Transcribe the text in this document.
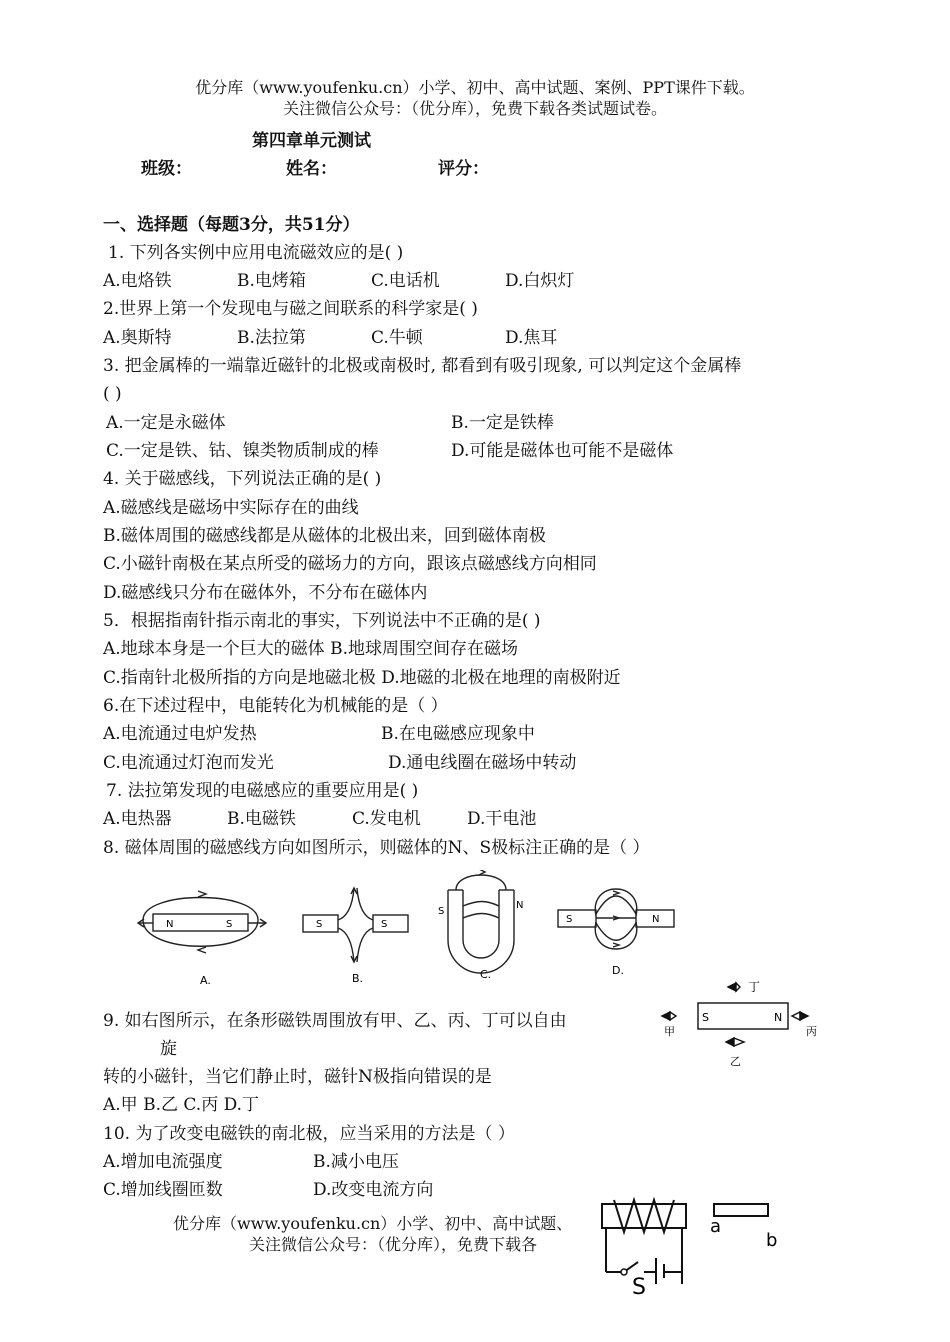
优分库（www.youfenku.cn）小学、初中、高中试题、案例、PPT课件下载。
关注微信公众号：（优分库），免费下载各类试题试卷。
第四章单元测试
班级：	姓名：	评分：
一、选择题（每题3分，共51分）
1. 下列各实例中应用电流磁效应的是( )
A.电烙铁	B.电烤箱	C.电话机	D.白炽灯
2.世界上第一个发现电与磁之间联系的科学家是( )
A.奥斯特	B.法拉第	C.牛顿	D.焦耳
3. 把金属棒的一端靠近磁针的北极或南极时, 都看到有吸引现象, 可以判定这个金属棒
( )
A.一定是永磁体	B.一定是铁棒
C.一定是铁、钴、镍类物质制成的棒	D.可能是磁体也可能不是磁体
4. 关于磁感线，下列说法正确的是( )
A.磁感线是磁场中实际存在的曲线
B.磁体周围的磁感线都是从磁体的北极出来，回到磁体南极
C.小磁针南极在某点所受的磁场力的方向，跟该点磁感线方向相同
D.磁感线只分布在磁体外，不分布在磁体内
5．根据指南针指示南北的事实，下列说法中不正确的是( )
A.地球本身是一个巨大的磁体 B.地球周围空间存在磁场
C.指南针北极所指的方向是地磁北极 D.地磁的北极在地理的南极附近
6.在下述过程中，电能转化为机械能的是（ ）
A.电流通过电炉发热	B.在电磁感应现象中
C.电流通过灯泡而发光	D.通电线圈在磁场中转动
7. 法拉第发现的电磁感应的重要应用是( )
A.电热器	B.电磁铁	C.发电机	D.干电池
8. 磁体周围的磁感线方向如图所示，则磁体的N、S极标注正确的是（ ）
N	S
A.
S	S
B.
S
N
C.
S	N
D.
9. 如右图所示，在条形磁铁周围放有甲、乙、丙、丁可以自由
旋
转的小磁针，当它们静止时，磁针N极指向错误的是
A.甲 B.乙 C.丙 D.丁
丁
甲
乙
丙
S	N
10. 为了改变电磁铁的南北极，应当采用的方法是（ ）
A.增加电流强度	B.减小电压
C.增加线圈匝数	D.改变电流方向
a
b
S
优分库（www.youfenku.cn）小学、初中、高中试题、
关注微信公众号：（优分库），免费下载各
